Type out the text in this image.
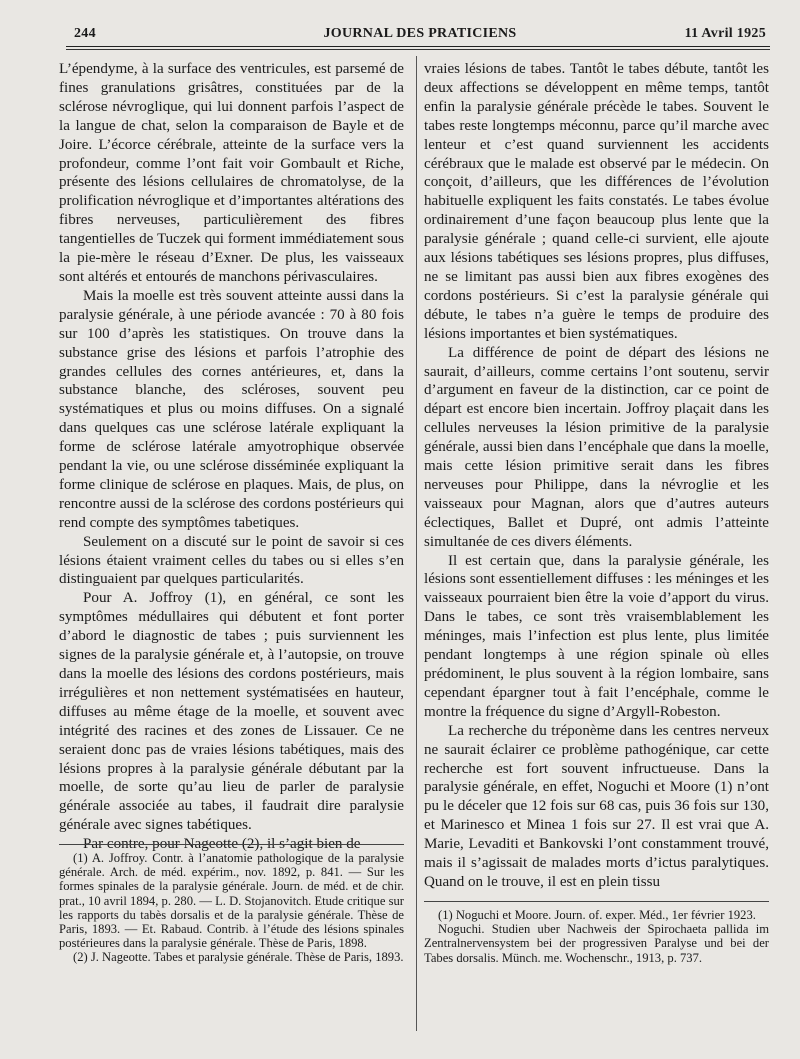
244	JOURNAL DES PRATICIENS	11 Avril 1925

L’épendyme, à la surface des ventricules, est parsemé de fines granulations grisâtres, constituées par de la sclérose névroglique, qui lui donnent parfois l’aspect de la langue de chat, selon la comparaison de Bayle et de Joire. L’écorce cérébrale, atteinte de la surface vers la profondeur, comme l’ont fait voir Gombault et Riche, présente des lésions cellulaires de chromatolyse, de la prolification névroglique et d’importantes altérations des fibres nerveuses, particulièrement des fibres tangentielles de Tuczek qui forment immédiatement sous la pie-mère le réseau d’Exner. De plus, les vaisseaux sont altérés et entourés de manchons périvasculaires.

Mais la moelle est très souvent atteinte aussi dans la paralysie générale, à une période avancée : 70 à 80 fois sur 100 d’après les statistiques. On trouve dans la substance grise des lésions et parfois l’atrophie des grandes cellules des cornes antérieures, et, dans la substance blanche, des scléroses, souvent peu systématiques et plus ou moins diffuses. On a signalé dans quelques cas une sclérose latérale expliquant la forme de sclérose latérale amyotrophique observée pendant la vie, ou une sclérose disséminée expliquant la forme clinique de sclérose en plaques. Mais, de plus, on rencontre aussi de la sclérose des cordons postérieurs qui rend compte des symptômes tabetiques.

Seulement on a discuté sur le point de savoir si ces lésions étaient vraiment celles du tabes ou si elles s’en distinguaient par quelques particularités.

Pour A. Joffroy (1), en général, ce sont les symptômes médullaires qui débutent et font porter d’abord le diagnostic de tabes ; puis surviennent les signes de la paralysie générale et, à l’autopsie, on trouve dans la moelle des lésions des cordons postérieurs, mais irrégulières et non nettement systématisées en hauteur, diffuses au même étage de la moelle, et souvent avec intégrité des racines et des zones de Lissauer. Ce ne seraient donc pas de vraies lésions tabétiques, mais des lésions propres à la paralysie générale débutant par la moelle, de sorte qu’au lieu de parler de paralysie générale associée au tabes, il faudrait dire paralysie générale avec signes tabétiques.

Par contre, pour Nageotte (2), il s’agit bien de

vraies lésions de tabes. Tantôt le tabes débute, tantôt les deux affections se développent en même temps, tantôt enfin la paralysie générale précède le tabes. Souvent le tabes reste longtemps méconnu, parce qu’il marche avec lenteur et c’est quand surviennent les accidents cérébraux que le malade est observé par le médecin. On conçoit, d’ailleurs, que les différences de l’évolution habituelle expliquent les faits constatés. Le tabes évolue ordinairement d’une façon beaucoup plus lente que la paralysie générale ; quand celle-ci survient, elle ajoute aux lésions tabétiques ses lésions propres, plus diffuses, ne se limitant pas aussi bien aux fibres exogènes des cordons postérieurs. Si c’est la paralysie générale qui débute, le tabes n’a guère le temps de produire des lésions importantes et bien systématiques.

La différence de point de départ des lésions ne saurait, d’ailleurs, comme certains l’ont soutenu, servir d’argument en faveur de la distinction, car ce point de départ est encore bien incertain. Joffroy plaçait dans les cellules nerveuses la lésion primitive de la paralysie générale, aussi bien dans l’encéphale que dans la moelle, mais cette lésion primitive serait dans les fibres nerveuses pour Philippe, dans la névroglie et les vaisseaux pour Magnan, alors que d’autres auteurs éclectiques, Ballet et Dupré, ont admis l’atteinte simultanée de ces divers éléments.

Il est certain que, dans la paralysie générale, les lésions sont essentiellement diffuses : les méninges et les vaisseaux pourraient bien être la voie d’apport du virus. Dans le tabes, ce sont très vraisemblablement les méninges, mais l’infection est plus lente, plus limitée pendant longtemps à une région spinale où elles prédominent, le plus souvent à la région lombaire, sans cependant épargner tout à fait l’encéphale, comme le montre la fréquence du signe d’Argyll-Robeston.

La recherche du tréponème dans les centres nerveux ne saurait éclairer ce problème pathogénique, car cette recherche est fort souvent infructueuse. Dans la paralysie générale, en effet, Noguchi et Moore (1) n’ont pu le déceler que 12 fois sur 68 cas, puis 36 fois sur 130, et Marinesco et Minea 1 fois sur 27. Il est vrai que A. Marie, Levaditi et Bankovski l’ont constamment trouvé, mais il s’agissait de malades morts d’ictus paralytiques. Quand on le trouve, il est en plein tissu

(1) A. Joffroy. Contr. à l’anatomie pathologique de la paralysie générale. Arch. de méd. expérim., nov. 1892, p. 841. — Sur les formes spinales de la paralysie générale. Journ. de méd. et de chir. prat., 10 avril 1894, p. 280. — L. D. Stojanovitch. Etude critique sur les rapports du tabès dorsalis et de la paralysie générale. Thèse de Paris, 1893. — Et. Rabaud. Contrib. à l’étude des lésions spinales postérieures dans la paralysie générale. Thèse de Paris, 1898.

(2) J. Nageotte. Tabes et paralysie générale. Thèse de Paris, 1893.

(1) Noguchi et Moore. Journ. of. exper. Méd., 1er février 1923.

Noguchi. Studien uber Nachweis der Spirochaeta pallida im Zentralnervensystem bei der progressiven Paralyse und bei der Tabes dorsalis. Münch. me. Wochenschr., 1913, p. 737.
